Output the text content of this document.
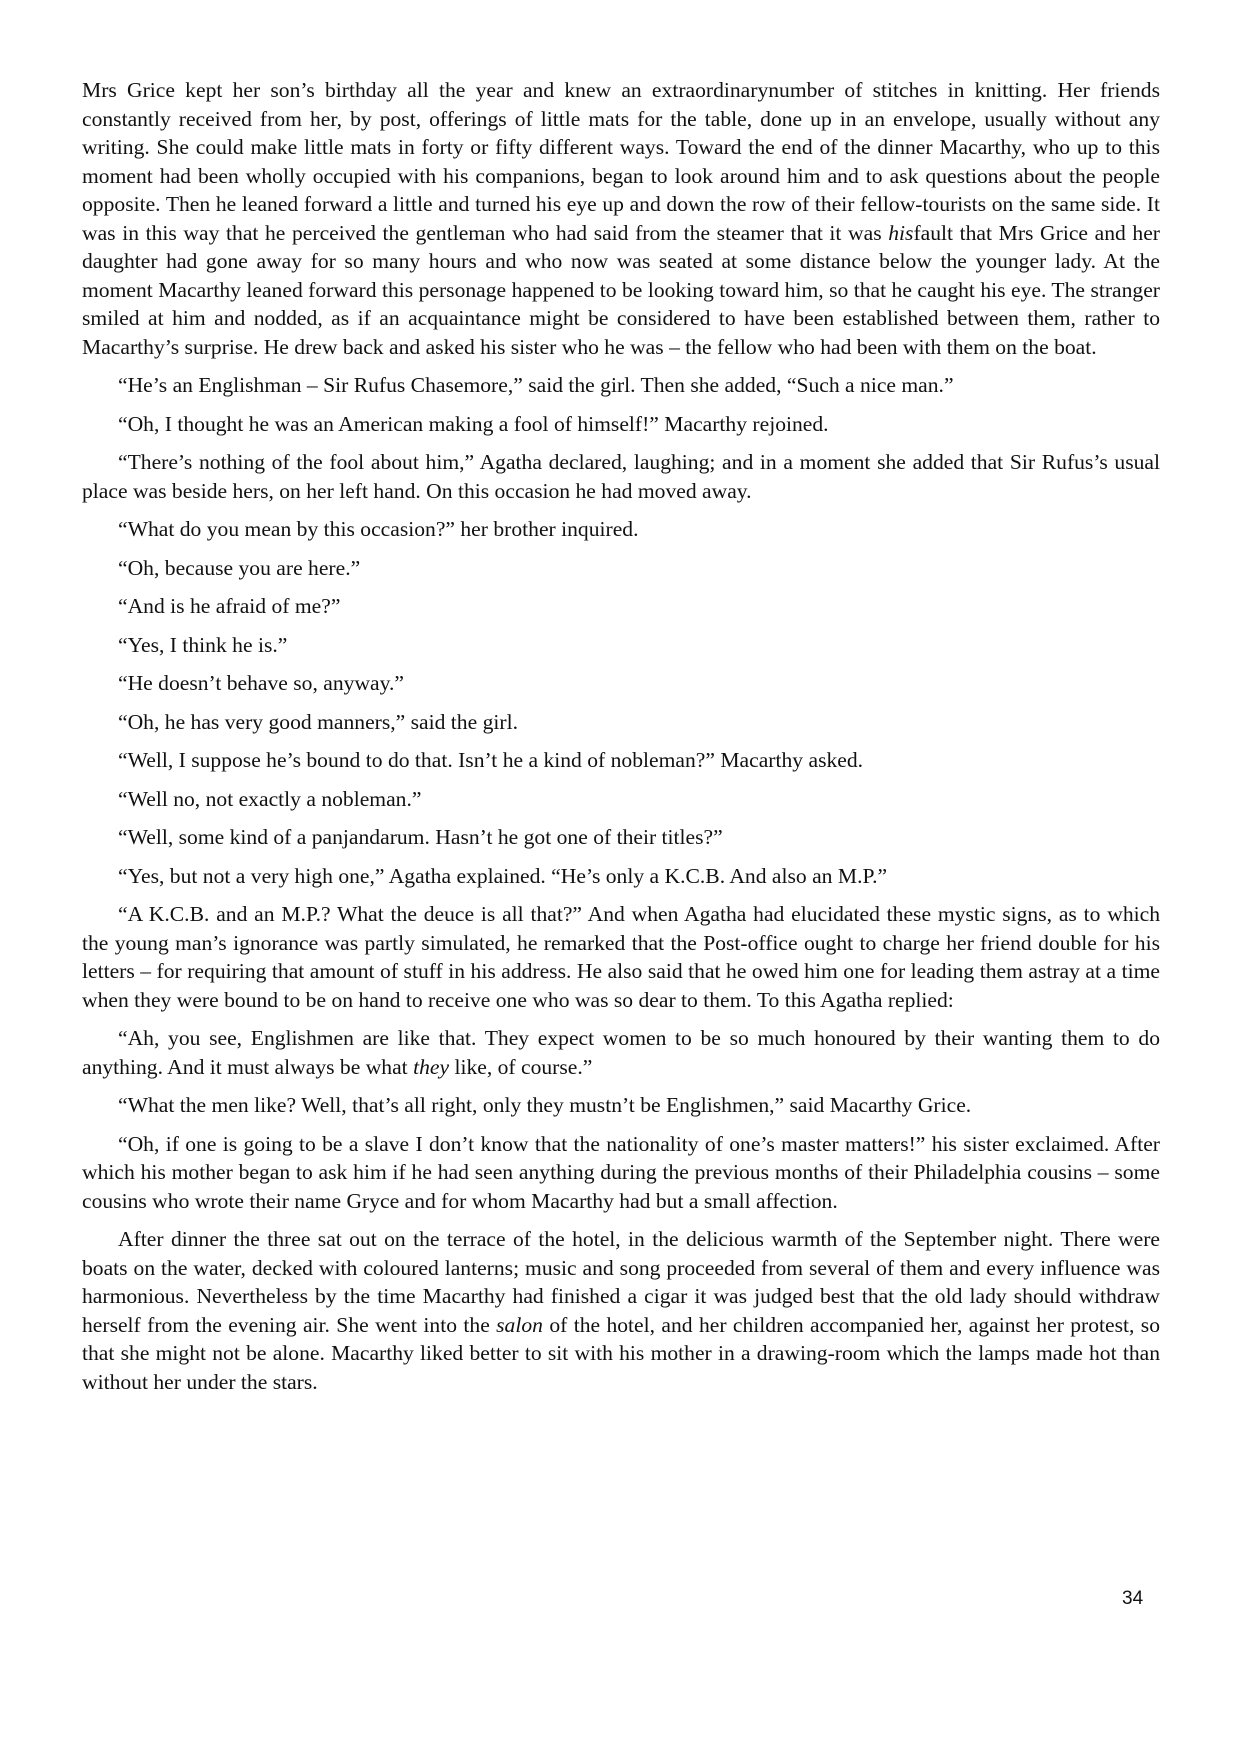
Mrs Grice kept her son’s birthday all the year and knew an extraordinarynumber of stitches in knitting. Her friends constantly received from her, by post, offerings of little mats for the table, done up in an envelope, usually without any writing. She could make little mats in forty or fifty different ways. Toward the end of the dinner Macarthy, who up to this moment had been wholly occupied with his companions, began to look around him and to ask questions about the people opposite. Then he leaned forward a little and turned his eye up and down the row of their fellow-tourists on the same side. It was in this way that he perceived the gentleman who had said from the steamer that it was hisfault that Mrs Grice and her daughter had gone away for so many hours and who now was seated at some distance below the younger lady. At the moment Macarthy leaned forward this personage happened to be looking toward him, so that he caught his eye. The stranger smiled at him and nodded, as if an acquaintance might be considered to have been established between them, rather to Macarthy’s surprise. He drew back and asked his sister who he was – the fellow who had been with them on the boat.

“He’s an Englishman – Sir Rufus Chasemore,” said the girl. Then she added, “Such a nice man.”

“Oh, I thought he was an American making a fool of himself!” Macarthy rejoined.

“There’s nothing of the fool about him,” Agatha declared, laughing; and in a moment she added that Sir Rufus’s usual place was beside hers, on her left hand. On this occasion he had moved away.

“What do you mean by this occasion?” her brother inquired.

“Oh, because you are here.”

“And is he afraid of me?”

“Yes, I think he is.”

“He doesn’t behave so, anyway.”

“Oh, he has very good manners,” said the girl.

“Well, I suppose he’s bound to do that. Isn’t he a kind of nobleman?” Macarthy asked.

“Well no, not exactly a nobleman.”

“Well, some kind of a panjandarum. Hasn’t he got one of their titles?”

“Yes, but not a very high one,” Agatha explained. “He’s only a K.C.B. And also an M.P.”

“A K.C.B. and an M.P.? What the deuce is all that?” And when Agatha had elucidated these mystic signs, as to which the young man’s ignorance was partly simulated, he remarked that the Post-office ought to charge her friend double for his letters – for requiring that amount of stuff in his address. He also said that he owed him one for leading them astray at a time when they were bound to be on hand to receive one who was so dear to them. To this Agatha replied:

“Ah, you see, Englishmen are like that. They expect women to be so much honoured by their wanting them to do anything. And it must always be what they like, of course.”

“What the men like? Well, that’s all right, only they mustn’t be Englishmen,” said Macarthy Grice.

“Oh, if one is going to be a slave I don’t know that the nationality of one’s master matters!” his sister exclaimed. After which his mother began to ask him if he had seen anything during the previous months of their Philadelphia cousins – some cousins who wrote their name Gryce and for whom Macarthy had but a small affection.

After dinner the three sat out on the terrace of the hotel, in the delicious warmth of the September night. There were boats on the water, decked with coloured lanterns; music and song proceeded from several of them and every influence was harmonious. Nevertheless by the time Macarthy had finished a cigar it was judged best that the old lady should withdraw herself from the evening air. She went into the salon of the hotel, and her children accompanied her, against her protest, so that she might not be alone. Macarthy liked better to sit with his mother in a drawing-room which the lamps made hot than without her under the stars.

34
